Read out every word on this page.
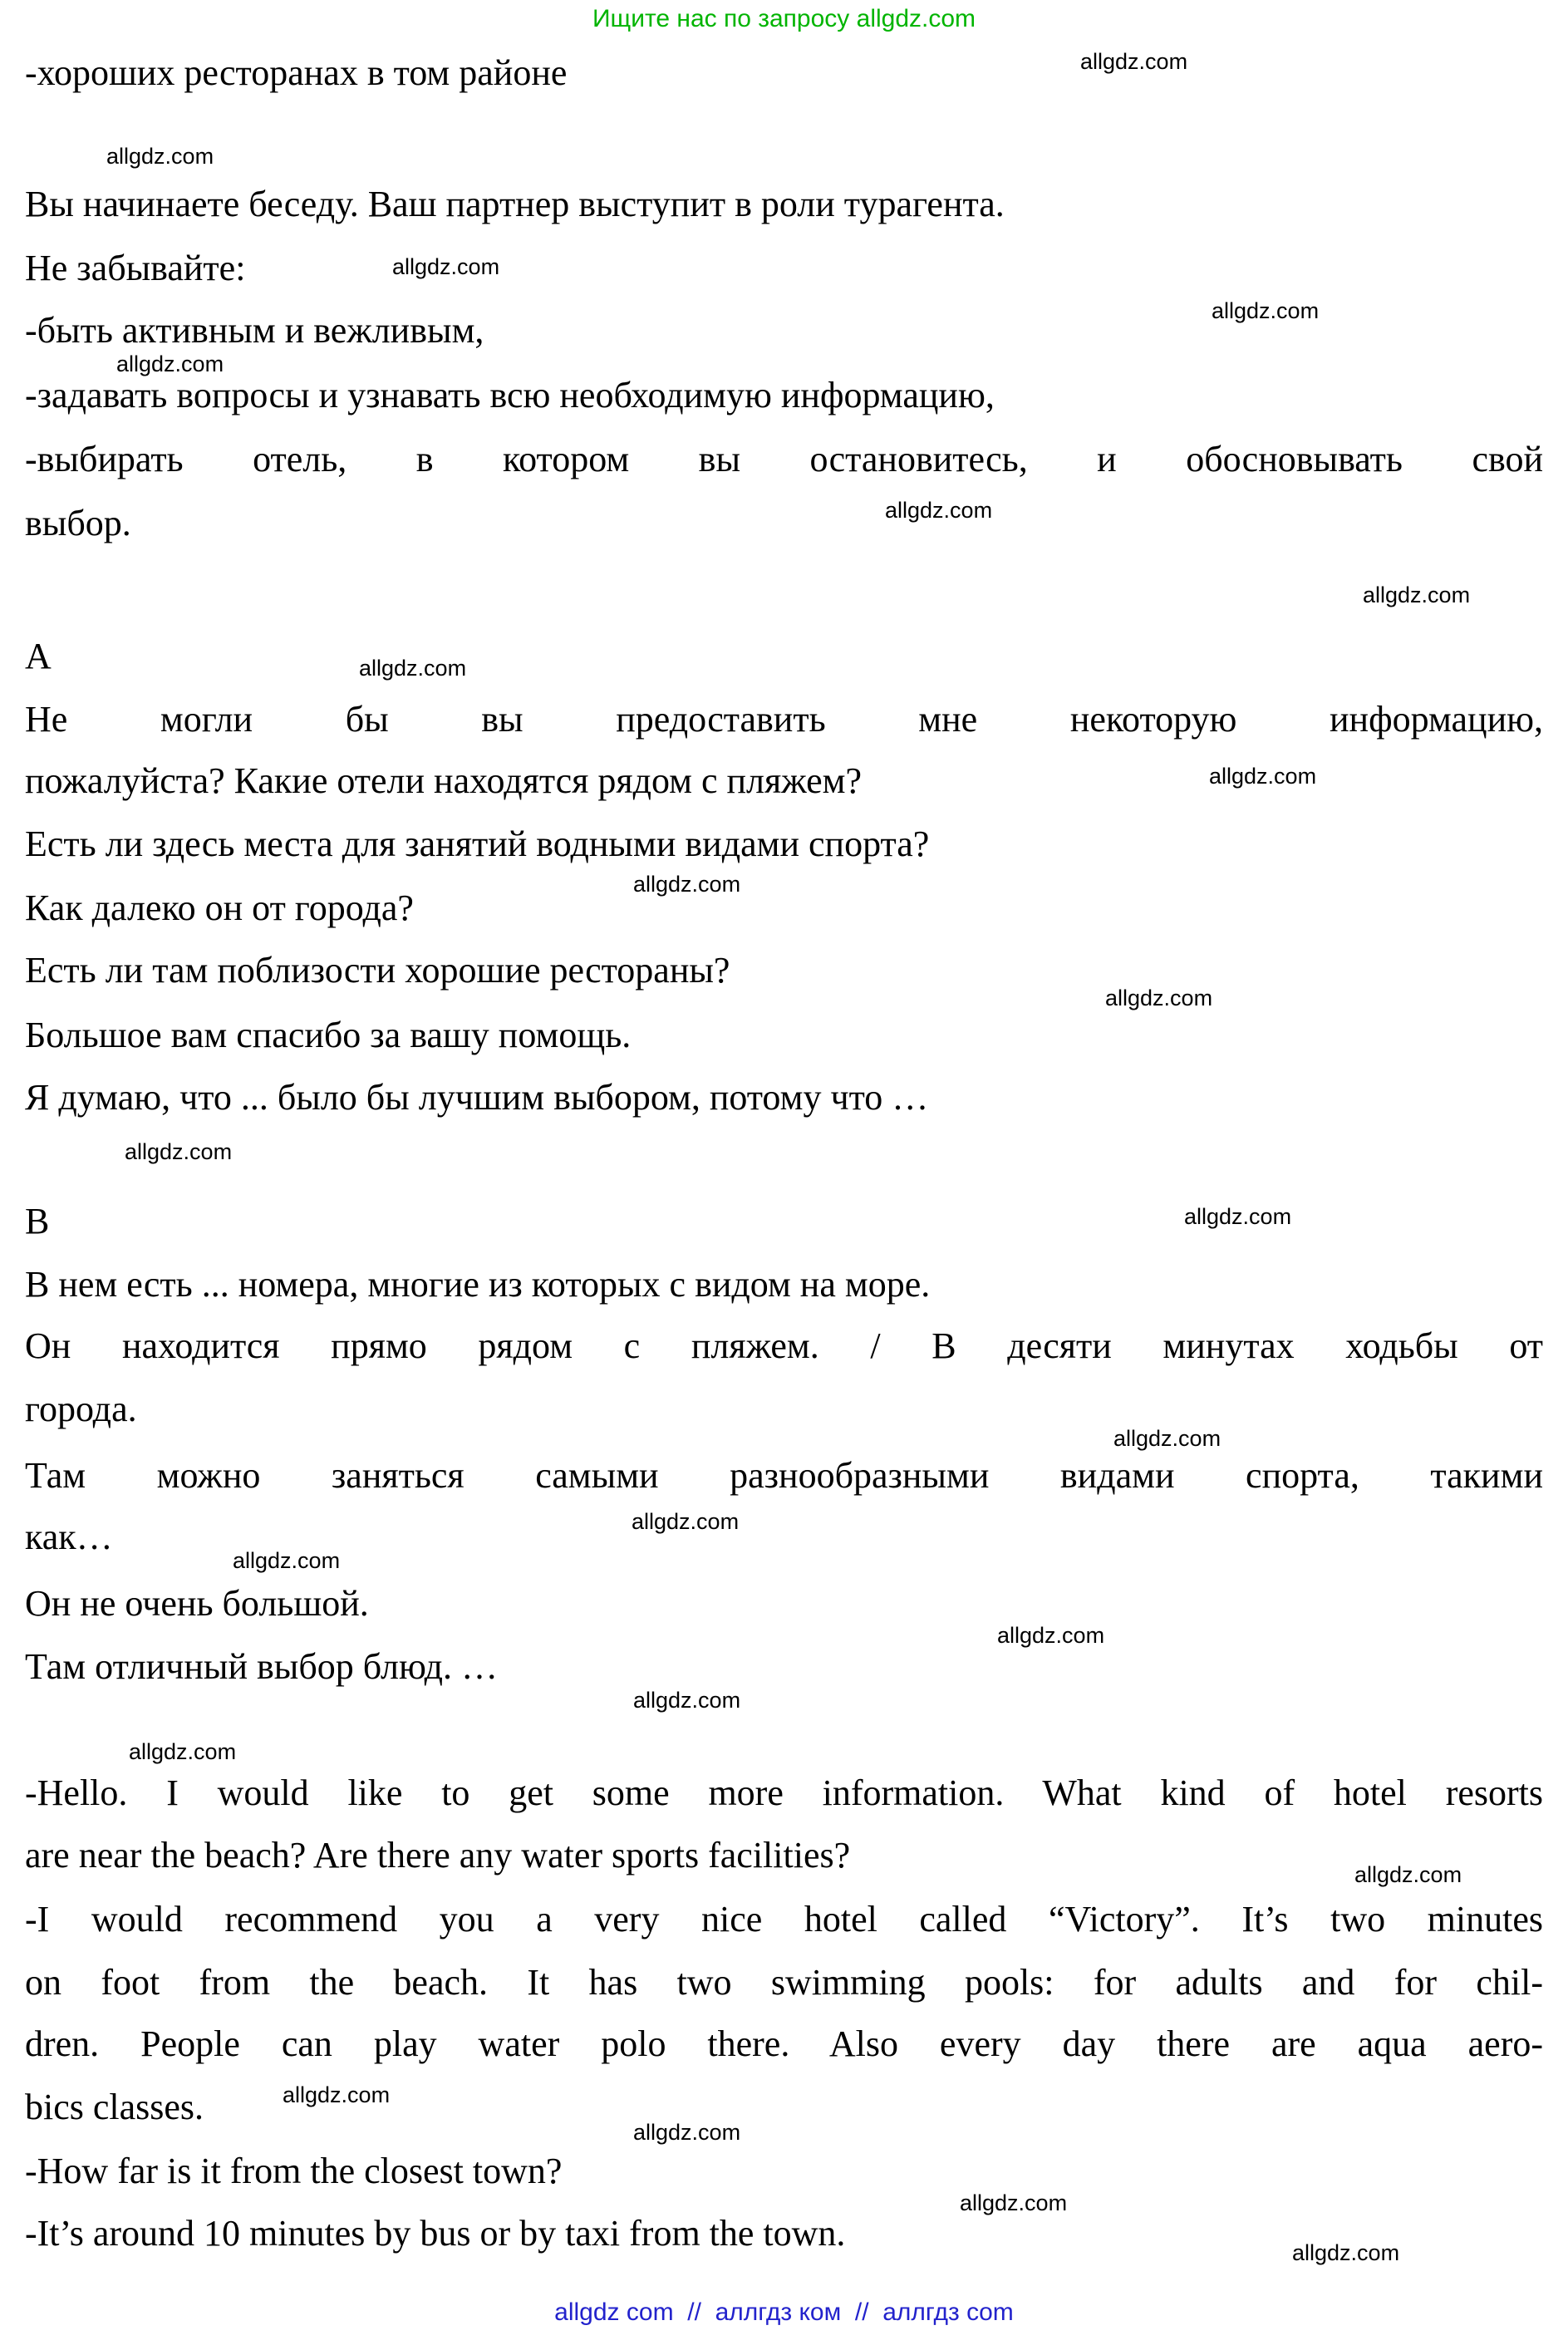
Ищите нас по запросу allgdz.com
-хороших ресторанах в том районе
Вы начинаете беседу. Ваш партнер выступит в роли турагента.
Не забывайте:
-быть активным и вежливым,
-задавать вопросы и узнавать всю необходимую информацию,
-выбирать отель, в котором вы остановитесь, и обосновывать свой
выбор.
А
Не могли бы вы предоставить мне некоторую информацию,
пожалуйста? Какие отели находятся рядом с пляжем?
Есть ли здесь места для занятий водными видами спорта?
Как далеко он от города?
Есть ли там поблизости хорошие рестораны?
Большое вам спасибо за вашу помощь.
Я думаю, что ... было бы лучшим выбором, потому что …
В
В нем есть ... номера, многие из которых с видом на море.
Он находится прямо рядом с пляжем. / В десяти минутах ходьбы от
города.
Там можно заняться самыми разнообразными видами спорта, такими
как…
Он не очень большой.
Там отличный выбор блюд. …
-Hello. I would like to get some more information. What kind of hotel resorts
are near the beach? Are there any water sports facilities?
-I would recommend you a very nice hotel called “Victory”. It’s two minutes
on foot from the beach. It has two swimming pools: for adults and for chil-
dren. People can play water polo there. Also every day there are aqua aero-
bics classes.
-How far is it from the closest town?
-It’s around 10 minutes by bus or by taxi from the town.
allgdz.com
allgdz.com
allgdz.com
allgdz.com
allgdz.com
allgdz.com
allgdz.com
allgdz.com
allgdz.com
allgdz.com
allgdz.com
allgdz.com
allgdz.com
allgdz.com
allgdz.com
allgdz.com
allgdz.com
allgdz.com
allgdz.com
allgdz.com
allgdz.com
allgdz.com
allgdz.com
allgdz.com
allgdz com  //  аллгдз ком  //  аллгдз com
